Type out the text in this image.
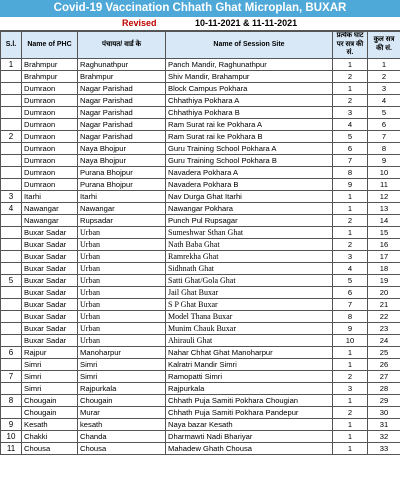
Covid-19 Vaccination Chhath Ghat Microplan, BUXAR
Revised	10-11-2021 & 11-11-2021
S.l.	Name of PHC	पंचायत/ वार्ड के	Name of Session Site	प्रत्येक घाट पर सत्र की सं.	कुल सत्र की सं.
1	Brahmpur	Raghunathpur	Panch Mandir, Raghunathpur	1	1
	Brahmpur	Brahmpur	Shiv Mandir, Brahampur	2	2
	Dumraon	Nagar Parishad	Block Campus Pokhara	1	3
	Dumraon	Nagar Parishad	Chhathiya Pokhara A	2	4
	Dumraon	Nagar Parishad	Chhathiya Pokhara B	3	5
	Dumraon	Nagar Parishad	Ram Surat rai ke Pokhara A	4	6
2	Dumraon	Nagar Parishad	Ram Surat rai ke Pokhara B	5	7
	Dumraon	Naya Bhojpur	Guru Training School Pokhara A	6	8
	Dumraon	Naya Bhojpur	Guru Training School Pokhara B	7	9
	Dumraon	Purana Bhojpur	Navadera Pokhara A	8	10
	Dumraon	Purana Bhojpur	Navadera Pokhara B	9	11
3	Itarhi	Itarhi	Nav Durga Ghat Itarhi	1	12
4	Nawangar	Nawangar	Nawangar Pokhara	1	13
	Nawangar	Rupsadar	Punch Pul Rupsagar	2	14
	Buxar Sadar	Urban	Sumeshwar Sthan Ghat	1	15
	Buxar Sadar	Urban	Nath Baba Ghat	2	16
	Buxar Sadar	Urban	Ramrekha Ghat	3	17
	Buxar Sadar	Urban	Sidhnath Ghat	4	18
5	Buxar Sadar	Urban	Satti Ghat/Gola Ghat	5	19
	Buxar Sadar	Urban	Jail Ghat Buxar	6	20
	Buxar Sadar	Urban	S P Ghat Buxar	7	21
	Buxar Sadar	Urban	Model Thana Buxar	8	22
	Buxar Sadar	Urban	Munim Chauk Buxar	9	23
	Buxar Sadar	Urban	Ahirauli Ghat	10	24
6	Rajpur	Manoharpur	Nahar Chhat Ghat Manoharpur	1	25
	Simri	Simri	Kalratri Mandir Simri	1	26
7	Simri	Simri	Ramopatti Simri	2	27
	Simri	Rajpurkala	Rajpurkala	3	28
8	Chougain	Chougain	Chhath Puja Samiti Pokhara Chougian	1	29
	Chougain	Murar	Chhath Puja Samiti Pokhara Pandepur	2	30
9	Kesath	kesath	Naya bazar Kesath	1	31
10	Chakki	Chanda	Dharmawti Nadi Bhariyar	1	32
11	Chousa	Chousa	Mahadew Ghath Chousa	1	33
